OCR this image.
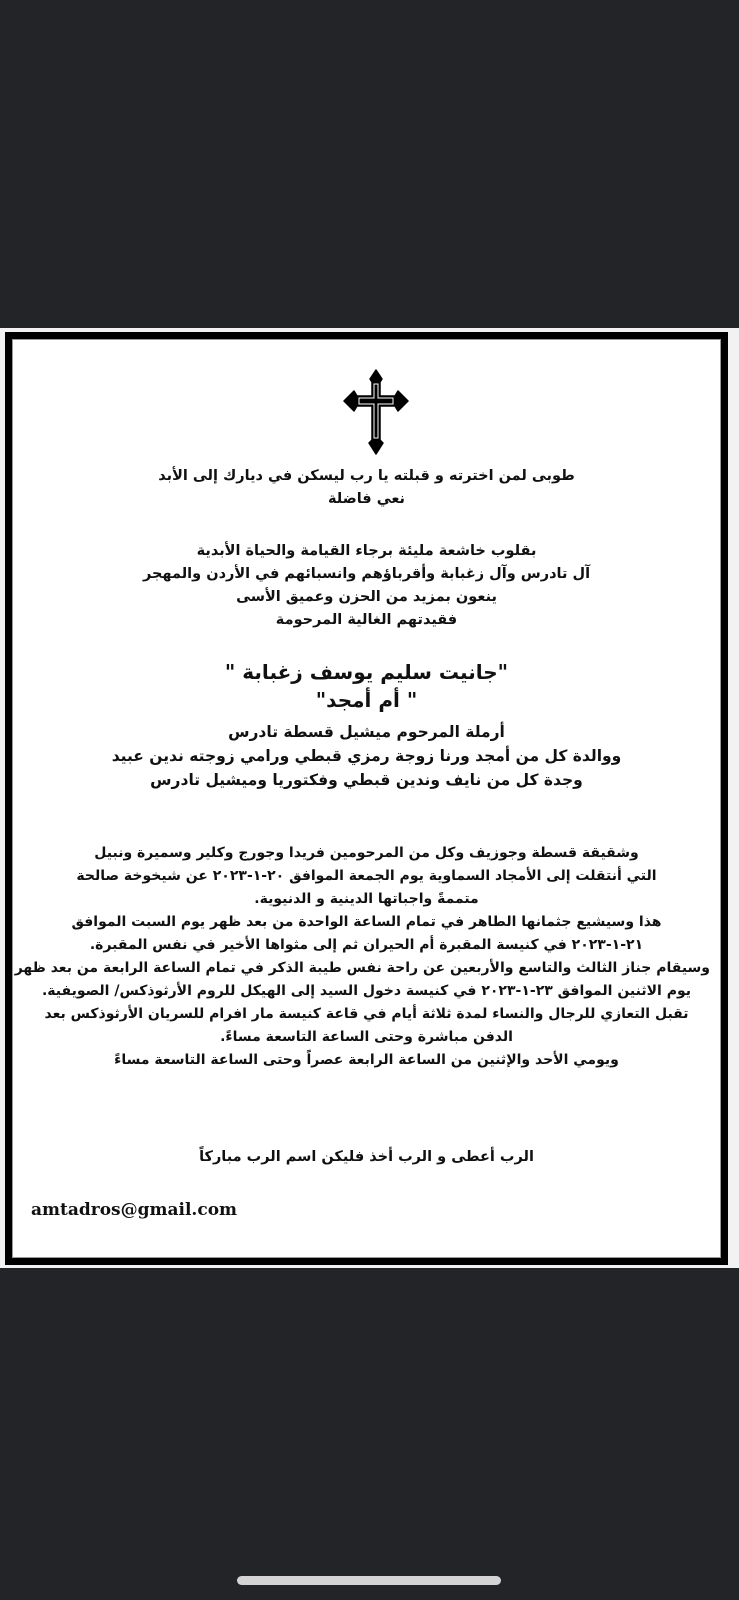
طوبى لمن اخترته و قبلته يا رب ليسكن في ديارك إلى الأبد
نعي فاضلة
بقلوب خاشعة مليئة برجاء القيامة والحياة الأبدية
آل تادرس وآل زغبابة وأقرباؤهم وانسبائهم في الأردن والمهجر
ينعون بمزيد من الحزن وعميق الأسى
فقيدتهم الغالية المرحومة
"جانيت سليم يوسف زغبابة "
" أم أمجد"
أرملة المرحوم ميشيل قسطة تادرس
ووالدة كل من أمجد ورنا زوجة رمزي قبطي ورامي زوجته ندين عبيد
وجدة كل من نايف وندين قبطي وفكتوريا وميشيل تادرس
وشقيقة قسطة وجوزيف وكل من المرحومين فريدا وجورج وكلير وسميرة ونبيل
التي أنتقلت إلى الأمجاد السماوية يوم الجمعة الموافق ٢٠-١-٢٠٢٣ عن شيخوخة صالحة
متممةً واجباتها الدينية و الدنيوية.
هذا وسيشيع جثمانها الطاهر في تمام الساعة الواحدة من بعد ظهر يوم السبت الموافق
٢١-١-٢٠٢٣ في كنيسة المقبرة أم الحيران ثم إلى مثواها الأخير في نفس المقبرة.
وسيقام جناز الثالث والتاسع والأربعين عن راحة نفس طيبة الذكر في تمام الساعة الرابعة من بعد ظهر
يوم الاثنين الموافق ٢٣-١-٢٠٢٣ في كنيسة دخول السيد إلى الهيكل للروم الأرثوذكس/ الصويفية.
تقبل التعازي للرجال والنساء لمدة ثلاثة أيام في قاعة كنيسة مار افرام للسريان الأرثوذكس بعد
الدفن مباشرة وحتى الساعة التاسعة مساءً.
ويومي الأحد والإثنين من الساعة الرابعة عصراً وحتى الساعة التاسعة مساءً
الرب أعطى و الرب أخذ فليكن اسم الرب مباركاً
amtadros@gmail.com
